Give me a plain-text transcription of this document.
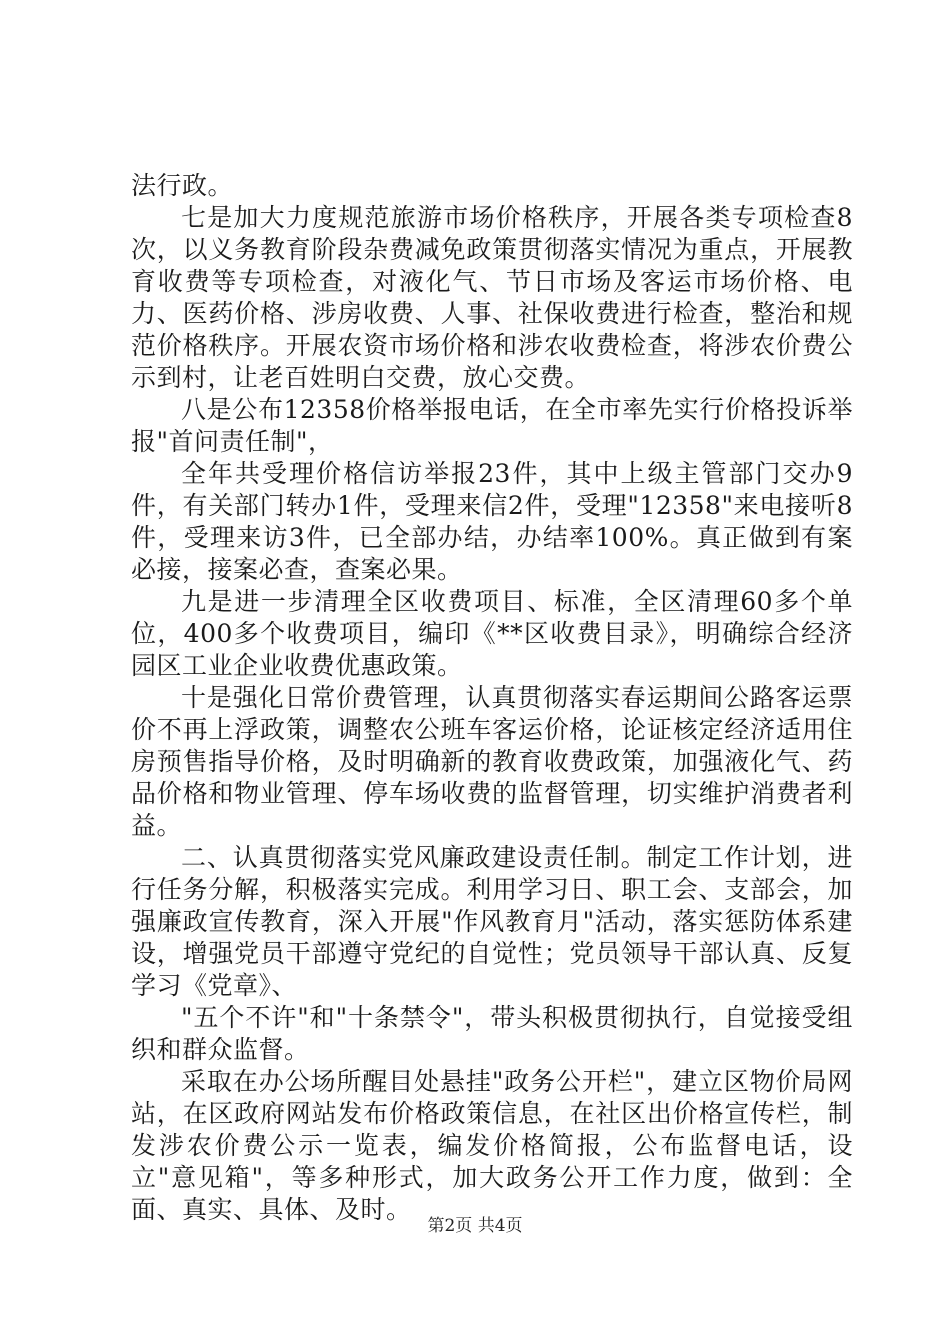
法行政。

七是加大力度规范旅游市场价格秩序，开展各类专项检查8次，以义务教育阶段杂费减免政策贯彻落实情况为重点，开展教育收费等专项检查，对液化气、节日市场及客运市场价格、电力、医药价格、涉房收费、人事、社保收费进行检查，整治和规范价格秩序。开展农资市场价格和涉农收费检查，将涉农价费公示到村，让老百姓明白交费，放心交费。

八是公布12358价格举报电话，在全市率先实行价格投诉举报"首问责任制"，

全年共受理价格信访举报23件，其中上级主管部门交办9件，有关部门转办1件，受理来信2件，受理"12358"来电接听8件，受理来访3件，已全部办结，办结率100%。真正做到有案必接，接案必查，查案必果。

九是进一步清理全区收费项目、标准，全区清理60多个单位，400多个收费项目，编印《**区收费目录》，明确综合经济园区工业企业收费优惠政策。

十是强化日常价费管理，认真贯彻落实春运期间公路客运票价不再上浮政策，调整农公班车客运价格，论证核定经济适用住房预售指导价格，及时明确新的教育收费政策，加强液化气、药品价格和物业管理、停车场收费的监督管理，切实维护消费者利益。

二、认真贯彻落实党风廉政建设责任制。制定工作计划，进行任务分解，积极落实完成。利用学习日、职工会、支部会，加强廉政宣传教育，深入开展"作风教育月"活动，落实惩防体系建设，增强党员干部遵守党纪的自觉性；党员领导干部认真、反复学习《党章》、

"五个不许"和"十条禁令"，带头积极贯彻执行，自觉接受组织和群众监督。

采取在办公场所醒目处悬挂"政务公开栏"，建立区物价局网站，在区政府网站发布价格政策信息，在社区出价格宣传栏，制发涉农价费公示一览表，编发价格简报，公布监督电话，设立"意见箱"，等多种形式，加大政务公开工作力度，做到：全面、真实、具体、及时。

第2页 共4页
